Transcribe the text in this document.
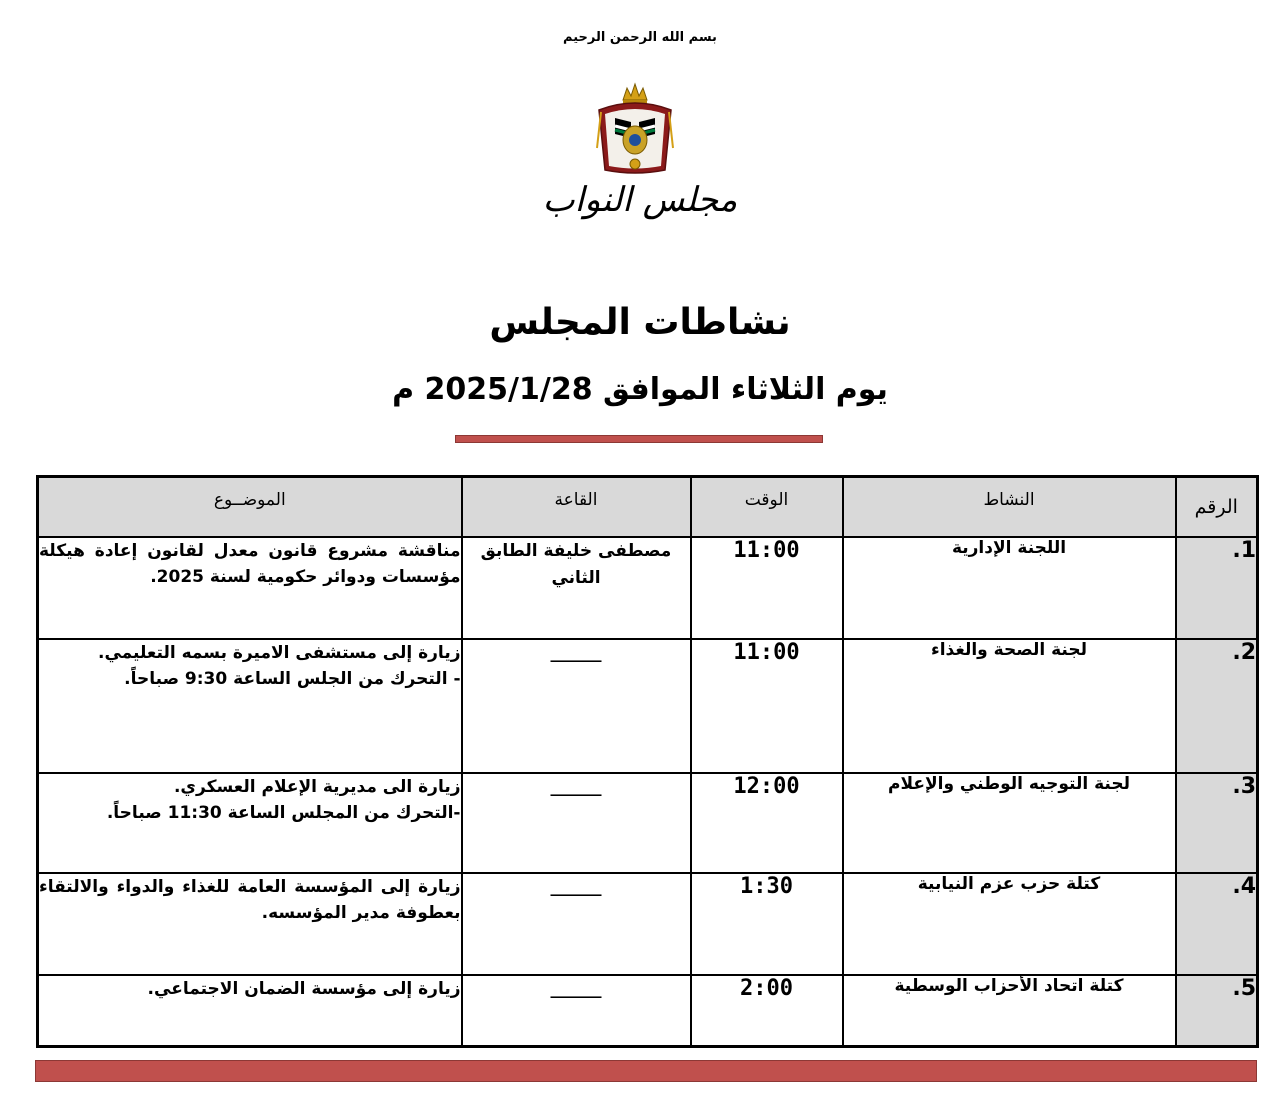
بسم الله الرحمن الرحيم
مجلس النواب
نشاطات المجلس
يوم الثلاثاء الموافق 2025/1/28 م
الرقم	النشاط	الوقت	القاعة	الموضــوع
1.	اللجنة الإدارية	11:00	مصطفى خليفة الطابق الثاني	مناقشة مشروع قانون معدل لقانون إعادة هيكلة مؤسسات ودوائر حكومية لسنة 2025.
2.	لجنة الصحة والغذاء	11:00	______	زيارة إلى مستشفى الاميرة بسمه التعليمي.
- التحرك من الجلس الساعة 9:30 صباحاً.

3.	لجنة التوجيه الوطني والإعلام	12:00	______	زيارة الى مديرية الإعلام العسكري.
-التحرك من المجلس الساعة 11:30 صباحاً.

4.	كتلة حزب عزم النيابية	1:30	______	زيارة إلى المؤسسة العامة للغذاء والدواء والالتقاء بعطوفة مدير المؤسسه.
5.	كتلة اتحاد الأحزاب الوسطية	2:00	______	زيارة إلى مؤسسة الضمان الاجتماعي.
